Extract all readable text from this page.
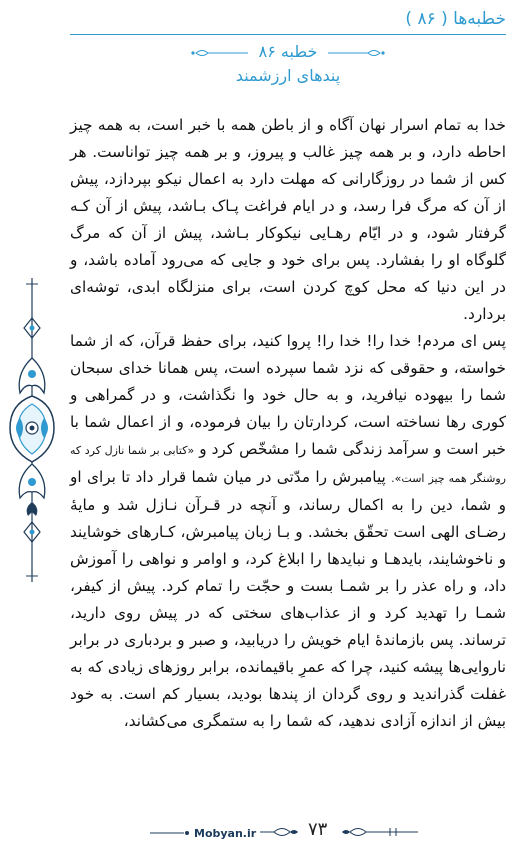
خطبه‌ها ( ۸۶ )
خطبه ۸۶
پندهای ارزشمند

خدا به تمام اسرار نهان آگاه و از باطن همه با خبر است، به همه چیز احاطه دارد، و بر همه چیز غالب و پیروز، و بر همه چیز تواناست. هر کس از شما در روزگارانی که مهلت دارد به اعمال نیکو بپردازد، پیش از آن که مرگ فرا رسد، و در ایام فراغت پـاک بـاشد، پیش از آن کـه گرفتار شود، و در ایّام رهـایی نیکوکار بـاشد، پیش از آن که مرگ گلوگاه او را بفشارد. پس برای خود و جایی که می‌رود آماده باشد، و در این دنیا که محل کوچ کردن است، برای منزلگاه ابدی، توشه‌ای بردارد.

پس ای مردم! خدا را! خدا را! پروا کنید، برای حفظ قرآن، که از شما خواسته، و حقوقی که نزد شما سپرده است، پس همانا خدای سبحان شما را بیهوده نیافرید، و به حال خود وا نگذاشت، و در گمراهی و کوری رها نساخته است، کردارتان را بیان فرموده، و از اعمال شما با خبر است و سرآمد زندگی شما را مشخّص کرد و «کتابی بر شما نازل کرد که روشنگر همه چیز است». پیامبرش را مدّتی در میان شما قرار داد تا برای او و شما، دین را به اکمال رساند، و آنچه در قـرآن نـازل شد و مایهٔ رضـای الهی است تحقّق بخشد. و بـا زبان پیامبرش، کـارهای خوشایند و ناخوشایند، بایدهـا و نبایدها را ابلاغ کرد، و اوامر و نواهی را آموزش داد، و راه عذر را بر شمـا بست و حجّت را تمام کرد. پیش از کیفر، شمـا را تهدید کرد و از عذاب‌های سختی که در پیش روی دارید، ترساند. پس بازماندهٔ ایام خویش را دریابید، و صبر و بردباری در برابر ناروایی‌ها پیشه کنید، چرا که عمرِ باقیمانده، برابر روزهای زیادی که به غفلت گذراندید و روی گردان از پندها بودید، بسیار کم است. به خود بیش از اندازه آزادی ندهید، که شما را به ستمگری می‌کشاند،

Mobyan.ir	۷۳
